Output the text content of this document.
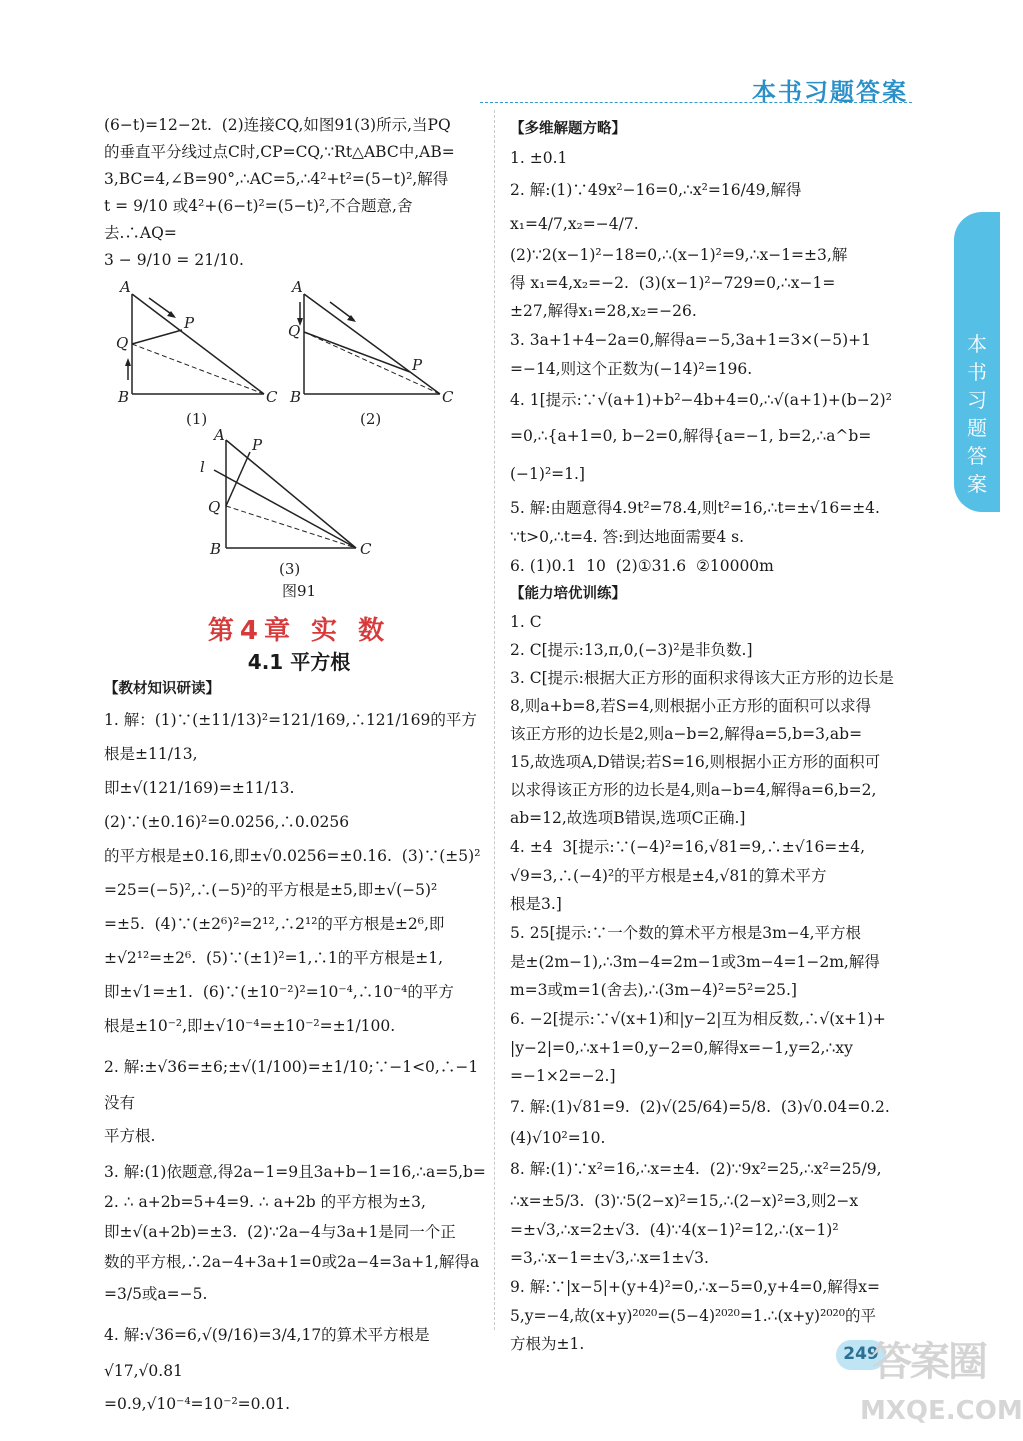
本书习题答案
本书习题答案

(6−t)=12−2t.  (2)连接CQ,如图91(3)所示,当PQ

的垂直平分线过点C时,CP=CQ,∵Rt△ABC中,AB=

3,BC=4,∠B=90°,∴AC=5,∴4²+t²=(5−t)²,解得

t = 9/10 或4²+(6−t)²=(5−t)²,不合题意,舍去.∴AQ=

3 − 9/10 = 21/10.

A
Q
B	C
P
(1)
A
Q
B	C
P
(2)
A
P
l
Q
B	C
(3)
图91
第4章 实 数
4.1 平方根

【教材知识研读】

1. 解：(1)∵(±11/13)²=121/169,∴121/169的平方根是±11/13,

即±√(121/169)=±11/13.  (2)∵(±0.16)²=0.0256,∴0.0256

的平方根是±0.16,即±√0.0256=±0.16.  (3)∵(±5)²

=25=(−5)²,∴(−5)²的平方根是±5,即±√(−5)²

=±5.  (4)∵(±2⁶)²=2¹²,∴2¹²的平方根是±2⁶,即

±√2¹²=±2⁶.  (5)∵(±1)²=1,∴1的平方根是±1,

即±√1=±1.  (6)∵(±10⁻²)²=10⁻⁴,∴10⁻⁴的平方

根是±10⁻²,即±√10⁻⁴=±10⁻²=±1/100.

2. 解:±√36=±6;±√(1/100)=±1/10;∵−1<0,∴−1没有

平方根.

3. 解:(1)依题意,得2a−1=9且3a+b−1=16,∴a=5,b=

2. ∴ a+2b=5+4=9. ∴ a+2b 的平方根为±3,

即±√(a+2b)=±3.  (2)∵2a−4与3a+1是同一个正

数的平方根,∴2a−4+3a+1=0或2a−4=3a+1,解得a

=3/5或a=−5.

4. 解:√36=6,√(9/16)=3/4,17的算术平方根是√17,√0.81

=0.9,√10⁻⁴=10⁻²=0.01.

【多维解题方略】

1. ±0.1

2. 解:(1)∵49x²−16=0,∴x²=16/49,解得x₁=4/7,x₂=−4/7.

(2)∵2(x−1)²−18=0,∴(x−1)²=9,∴x−1=±3,解

得 x₁=4,x₂=−2.  (3)(x−1)²−729=0,∴x−1=

±27,解得x₁=28,x₂=−26.

3. 3a+1+4−2a=0,解得a=−5,3a+1=3×(−5)+1

=−14,则这个正数为(−14)²=196.

4. 1[提示:∵√(a+1)+b²−4b+4=0,∴√(a+1)+(b−2)²

=0,∴{a+1=0, b−2=0,解得{a=−1, b=2,∴a^b=(−1)²=1.]

5. 解:由题意得4.9t²=78.4,则t²=16,∴t=±√16=±4.

∵t>0,∴t=4. 答:到达地面需要4 s.

6. (1)0.1  10  (2)①31.6  ②10000m

【能力培优训练】

1. C

2. C[提示:13,π,0,(−3)²是非负数.]

3. C[提示:根据大正方形的面积求得该大正方形的边长是

8,则a+b=8,若S=4,则根据小正方形的面积可以求得

该正方形的边长是2,则a−b=2,解得a=5,b=3,ab=

15,故选项A,D错误;若S=16,则根据小正方形的面积可

以求得该正方形的边长是4,则a−b=4,解得a=6,b=2,

ab=12,故选项B错误,选项C正确.]

4. ±4  3[提示:∵(−4)²=16,√81=9,∴±√16=±4,

√9=3,∴(−4)²的平方根是±4,√81的算术平方

根是3.]

5. 25[提示:∵一个数的算术平方根是3m−4,平方根

是±(2m−1),∴3m−4=2m−1或3m−4=1−2m,解得

m=3或m=1(舍去),∴(3m−4)²=5²=25.]

6. −2[提示:∵√(x+1)和|y−2|互为相反数,∴√(x+1)+

|y−2|=0,∴x+1=0,y−2=0,解得x=−1,y=2,∴xy

=−1×2=−2.]

7. 解:(1)√81=9.  (2)√(25/64)=5/8.  (3)√0.04=0.2.

(4)√10²=10.

8. 解:(1)∵x²=16,∴x=±4.  (2)∵9x²=25,∴x²=25/9,

∴x=±5/3.  (3)∵5(2−x)²=15,∴(2−x)²=3,则2−x

=±√3,∴x=2±√3.  (4)∵4(x−1)²=12,∴(x−1)²

=3,∴x−1=±√3,∴x=1±√3.

9. 解:∵|x−5|+(y+4)²=0,∴x−5=0,y+4=0,解得x=

5,y=−4,故(x+y)²⁰²⁰=(5−4)²⁰²⁰=1.∴(x+y)²⁰²⁰的平

方根为±1.	249
答案圈
MXQE.COM
